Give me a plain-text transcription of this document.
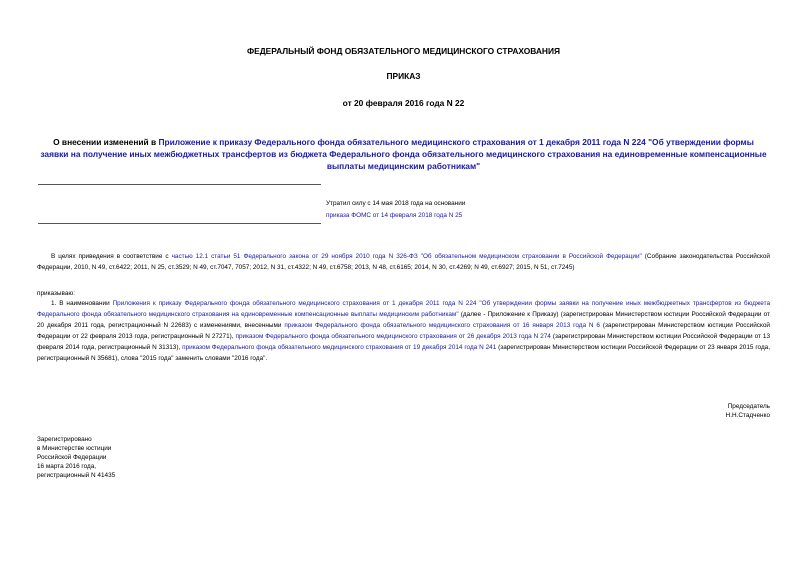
ФЕДЕРАЛЬНЫЙ ФОНД ОБЯЗАТЕЛЬНОГО МЕДИЦИНСКОГО СТРАХОВАНИЯ
ПРИКАЗ
от 20 февраля 2016 года N 22
О внесении изменений в Приложение к приказу Федерального фонда обязательного медицинского страхования от 1 декабря 2011 года N 224 "Об утверждении формы заявки на получение иных межбюджетных трансфертов из бюджета Федерального фонда обязательного медицинского страхования на единовременные компенсационные выплаты медицинским работникам"
Утратил силу с 14 мая 2018 года на основании
приказа ФОМС от 14 февраля 2018 года N 25
В целях приведения в соответствие с частью 12.1 статьи 51 Федерального закона от 29 ноября 2010 года N 326-ФЗ "Об обязательном медицинском страховании в Российской Федерации" (Собрание законодательства Российской Федерации, 2010, N 49, ст.6422; 2011, N 25, ст.3529; N 49, ст.7047, 7057; 2012, N 31, ст.4322; N 49, ст.6758; 2013, N 48, ст.6165; 2014, N 30, ст.4269; N 49, ст.6927; 2015, N 51, ст.7245)
приказываю:
1. В наименовании Приложения к приказу Федерального фонда обязательного медицинского страхования от 1 декабря 2011 года N 224 "Об утверждении формы заявки на получение иных межбюджетных трансфертов из бюджета Федерального фонда обязательного медицинского страхования на единовременные компенсационные выплаты медицинским работникам" (далее - Приложение к Приказу) (зарегистрирован Министерством юстиции Российской Федерации от 20 декабря 2011 года, регистрационный N 22683) с изменениями, внесенными приказом Федерального фонда обязательного медицинского страхования от 16 января 2013 года N 6 (зарегистрирован Министерством юстиции Российской Федерации от 22 февраля 2013 года, регистрационный N 27271), приказом Федерального фонда обязательного медицинского страхования от 26 декабря 2013 года N 274 (зарегистрирован Министерством юстиции Российской Федерации от 13 февраля 2014 года, регистрационный N 31313), приказом Федерального фонда обязательного медицинского страхования от 19 декабря 2014 года N 241 (зарегистрирован Министерством юстиции Российской Федерации от 23 января 2015 года, регистрационный N 35681), слова "2015 года" заменить словами "2016 года".
Председатель
Н.Н.Стадченко
Зарегистрировано
в Министерстве юстиции
Российской Федерации
16 марта 2016 года,
регистрационный N 41435
